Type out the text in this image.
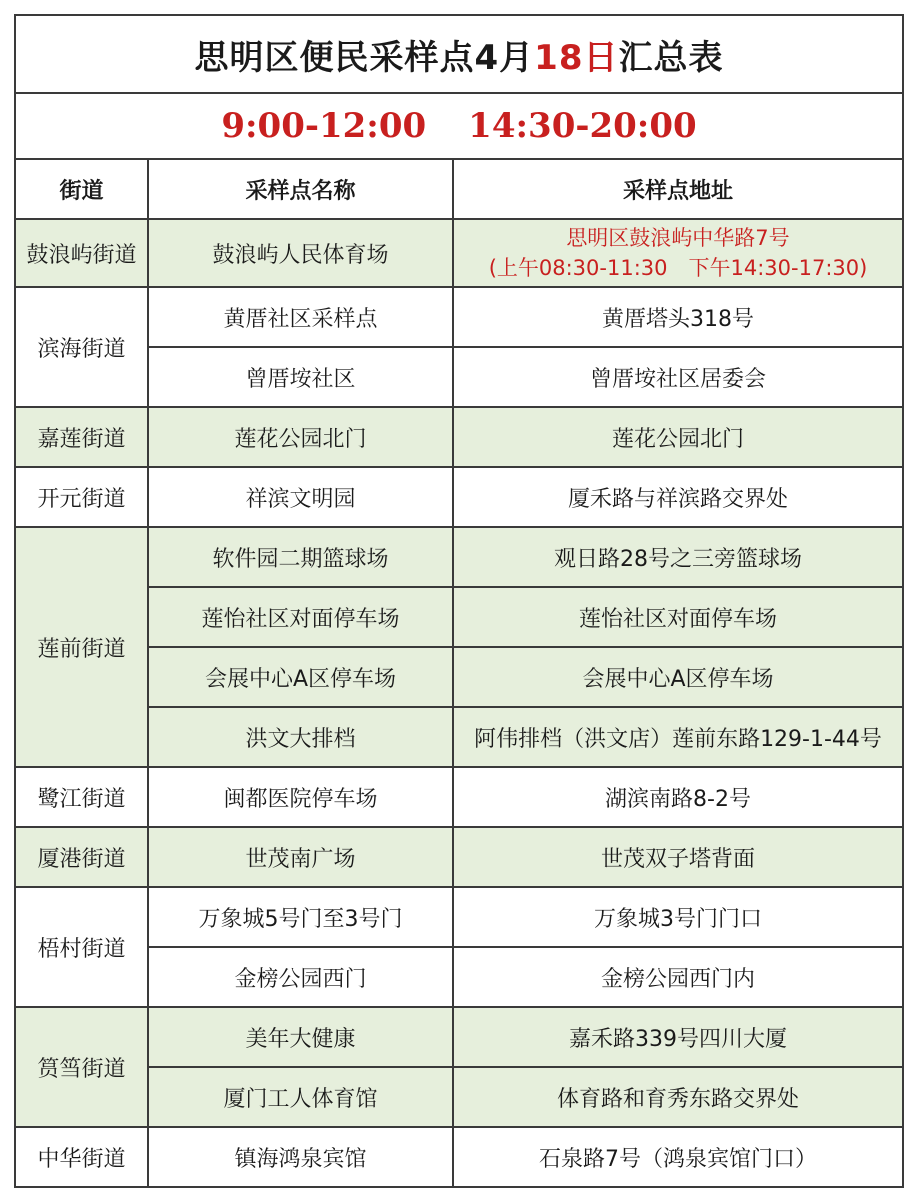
思明区便民采样点4月18日汇总表		
9:00-12:00 14:30-20:00		
街道	采样点名称	采样点地址
鼓浪屿街道	鼓浪屿人民体育场	思明区鼓浪屿中华路7号
(上午08:30-11:30　下午14:30-17:30)

滨海街道	黄厝社区采样点	黄厝塔头318号
	曾厝垵社区	曾厝垵社区居委会
嘉莲街道	莲花公园北门	莲花公园北门
开元街道	祥滨文明园	厦禾路与祥滨路交界处
莲前街道	软件园二期篮球场	观日路28号之三旁篮球场
	莲怡社区对面停车场	莲怡社区对面停车场
	会展中心A区停车场	会展中心A区停车场
	洪文大排档	阿伟排档（洪文店）莲前东路129-1-44号
鹭江街道	闽都医院停车场	湖滨南路8-2号
厦港街道	世茂南广场	世茂双子塔背面
梧村街道	万象城5号门至3号门	万象城3号门门口
	金榜公园西门	金榜公园西门内
筼筜街道	美年大健康	嘉禾路339号四川大厦
	厦门工人体育馆	体育路和育秀东路交界处
中华街道	镇海鸿泉宾馆	石泉路7号（鸿泉宾馆门口）
